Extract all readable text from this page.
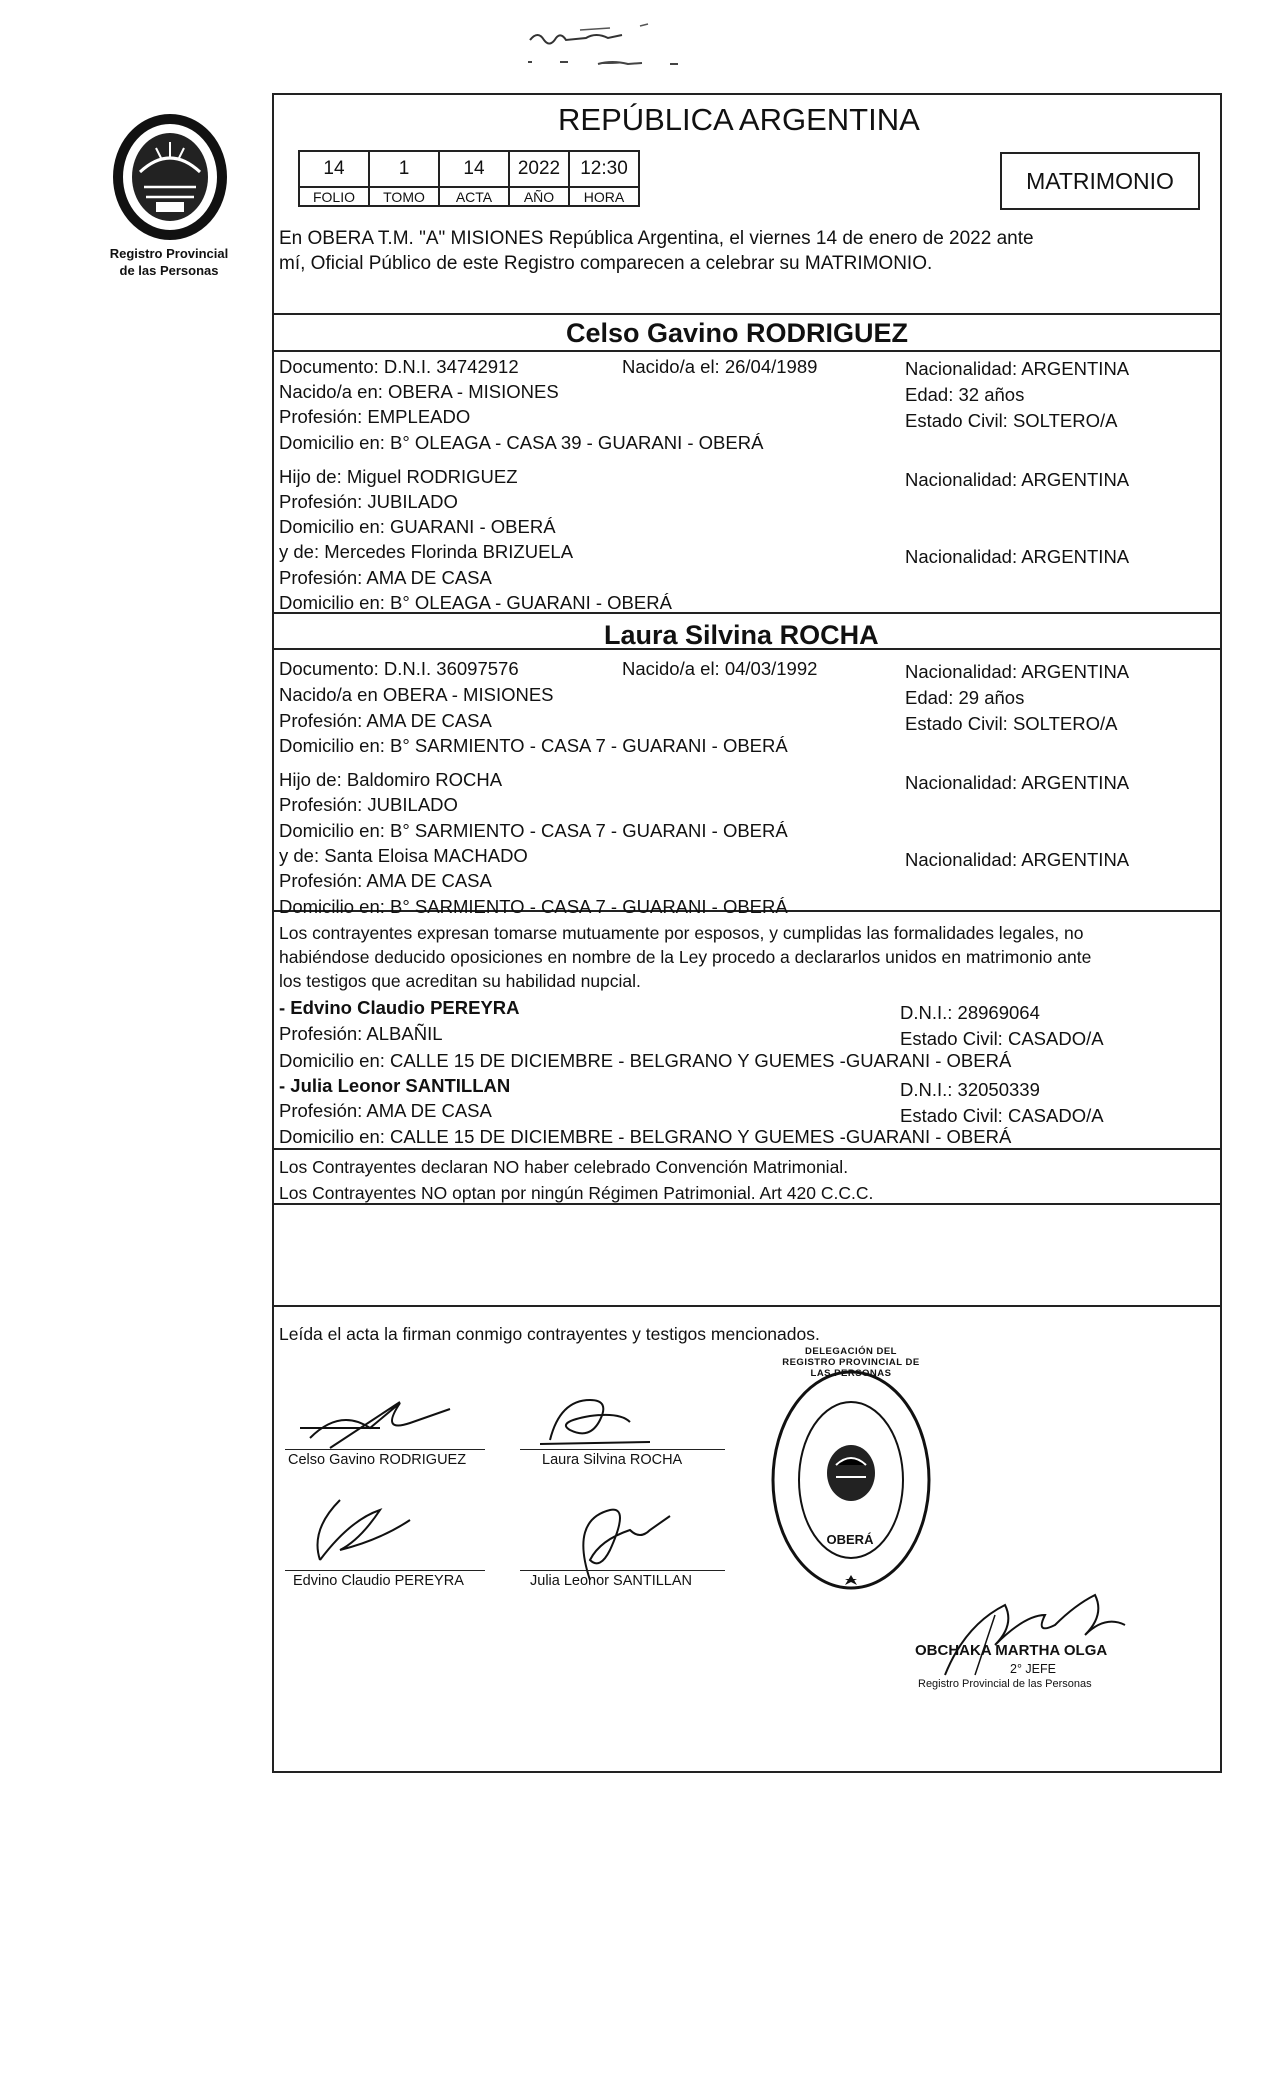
Registro Provincial
de las Personas
REPÚBLICA ARGENTINA
14	1	14	2022	12:30
FOLIO	TOMO	ACTA	AÑO	HORA
MATRIMONIO
En OBERA T.M. "A" MISIONES República Argentina, el viernes 14 de enero de 2022 ante
mí, Oficial Público de este Registro comparecen a celebrar su MATRIMONIO.
Celso Gavino RODRIGUEZ
Documento: D.N.I. 34742912	Nacido/a el: 26/04/1989	Nacionalidad: ARGENTINA
Nacido/a en: OBERA - MISIONES	Edad: 32 años
Profesión: EMPLEADO	Estado Civil: SOLTERO/A
Domicilio en: B° OLEAGA - CASA 39 - GUARANI - OBERÁ
Hijo de: Miguel RODRIGUEZ	Nacionalidad: ARGENTINA
Profesión: JUBILADO
Domicilio en: GUARANI - OBERÁ
y de: Mercedes Florinda BRIZUELA	Nacionalidad: ARGENTINA
Profesión: AMA DE CASA
Domicilio en: B° OLEAGA - GUARANI - OBERÁ
Laura Silvina ROCHA
Documento: D.N.I. 36097576	Nacido/a el: 04/03/1992	Nacionalidad: ARGENTINA
Nacido/a en OBERA - MISIONES	Edad: 29 años
Profesión: AMA DE CASA	Estado Civil: SOLTERO/A
Domicilio en: B° SARMIENTO - CASA 7 - GUARANI - OBERÁ
Hijo de: Baldomiro ROCHA	Nacionalidad: ARGENTINA
Profesión: JUBILADO
Domicilio en: B° SARMIENTO - CASA 7 - GUARANI - OBERÁ
y de: Santa Eloisa MACHADO	Nacionalidad: ARGENTINA
Profesión: AMA DE CASA
Domicilio en: B° SARMIENTO - CASA 7 - GUARANI - OBERÁ
Los contrayentes expresan tomarse mutuamente por esposos, y cumplidas las formalidades legales, no
habiéndose deducido oposiciones en nombre de la Ley procedo a declararlos unidos en matrimonio ante
los testigos que acreditan su habilidad nupcial.
- Edvino Claudio PEREYRA	D.N.I.: 28969064
Profesión: ALBAÑIL	Estado Civil: CASADO/A
Domicilio en: CALLE 15 DE DICIEMBRE - BELGRANO Y GUEMES -GUARANI - OBERÁ
- Julia Leonor SANTILLAN	D.N.I.: 32050339
Profesión: AMA DE CASA	Estado Civil: CASADO/A
Domicilio en: CALLE 15 DE DICIEMBRE - BELGRANO Y GUEMES -GUARANI - OBERÁ
Los Contrayentes declaran NO haber celebrado Convención Matrimonial.
Los Contrayentes NO optan por ningún Régimen Patrimonial. Art 420 C.C.C.
Leída el acta la firman conmigo contrayentes y testigos mencionados.
Celso Gavino RODRIGUEZ	Laura Silvina ROCHA
Edvino Claudio PEREYRA	Julia Leonor SANTILLAN
DELEGACIÓN DEL REGISTRO PROVINCIAL DE LAS PERSONAS
OBERÁ
OBCHAKA MARTHA OLGA
2° JEFE
Registro Provincial de las Personas
